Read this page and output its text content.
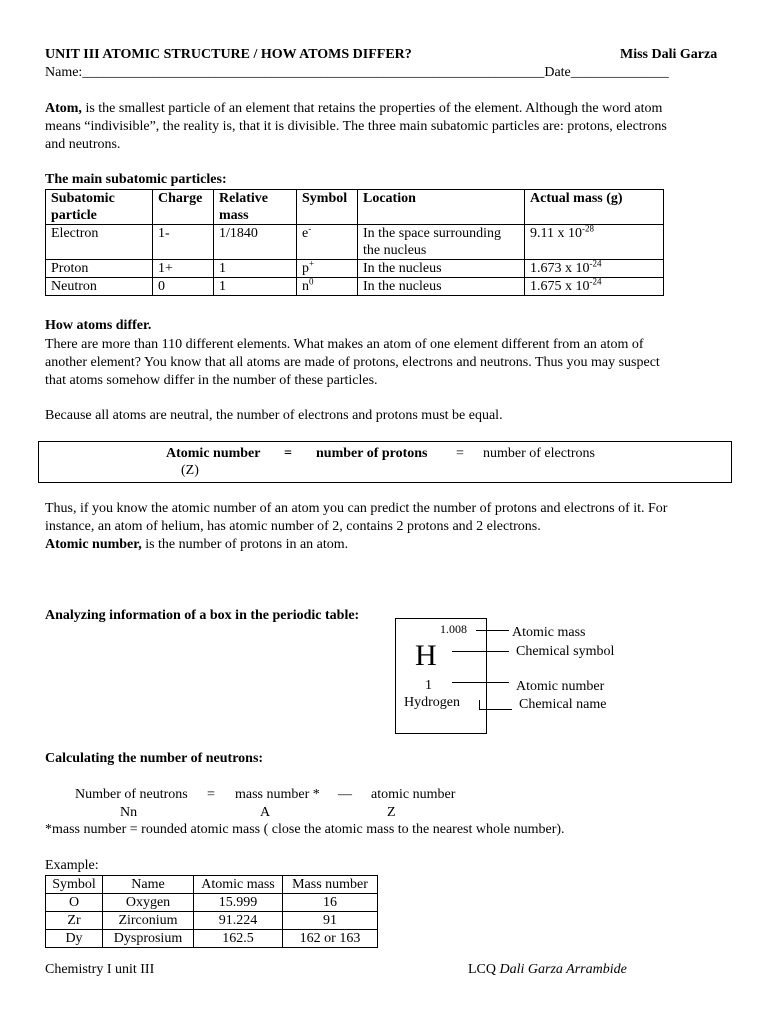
UNIT III ATOMIC STRUCTURE / HOW ATOMS DIFFER?	Miss Dali Garza
Name:__________________________________________________________________Date______________
Atom, is the smallest particle of an element that retains the properties of the element. Although the word atom
means “indivisible”, the reality is, that it is divisible. The three main subatomic particles are: protons, electrons
and neutrons.
The main subatomic particles:
Subatomic particle	Charge	Relative mass	Symbol	Location	Actual mass (g)
Electron	1-	1/1840	e-	In the space surrounding the nucleus	9.11 x $10^{-28}$
Proton	1+	1	p+	In the nucleus	1.673 x $10^{-24}$
Neutron	0	1	$n^0$	In the nucleus	1.675 x $10^{-24}$
How atoms differ.
There are more than 110 different elements. What makes an atom of one element different from an atom of
another element? You know that all atoms are made of protons, electrons and neutrons. Thus you may suspect
that atoms somehow differ in the number of these particles.
Because all atoms are neutral, the number of electrons and protons must be equal.
Atomic number = number of protons = number of electrons
(Z)
Thus, if you know the atomic number of an atom you can predict the number of protons and electrons of it. For
instance, an atom of helium, has atomic number of 2, contains 2 protons and 2 electrons.
Atomic number, is the number of protons in an atom.
Analyzing information of a box in the periodic table:
1.008
H
1
Hydrogen
Atomic mass
Chemical symbol
Atomic number
Chemical name
Calculating the number of neutrons:
Number of neutrons = mass number * — atomic number
Nn	A	Z
*mass number = rounded atomic mass ( close the atomic mass to the nearest whole number).
Example:
Symbol	Name	Atomic mass	Mass number
O	Oxygen	15.999	16
Zr	Zirconium	91.224	91
Dy	Dysprosium	162.5	162 or 163
Chemistry I unit III	LCQ Dali Garza Arrambide
